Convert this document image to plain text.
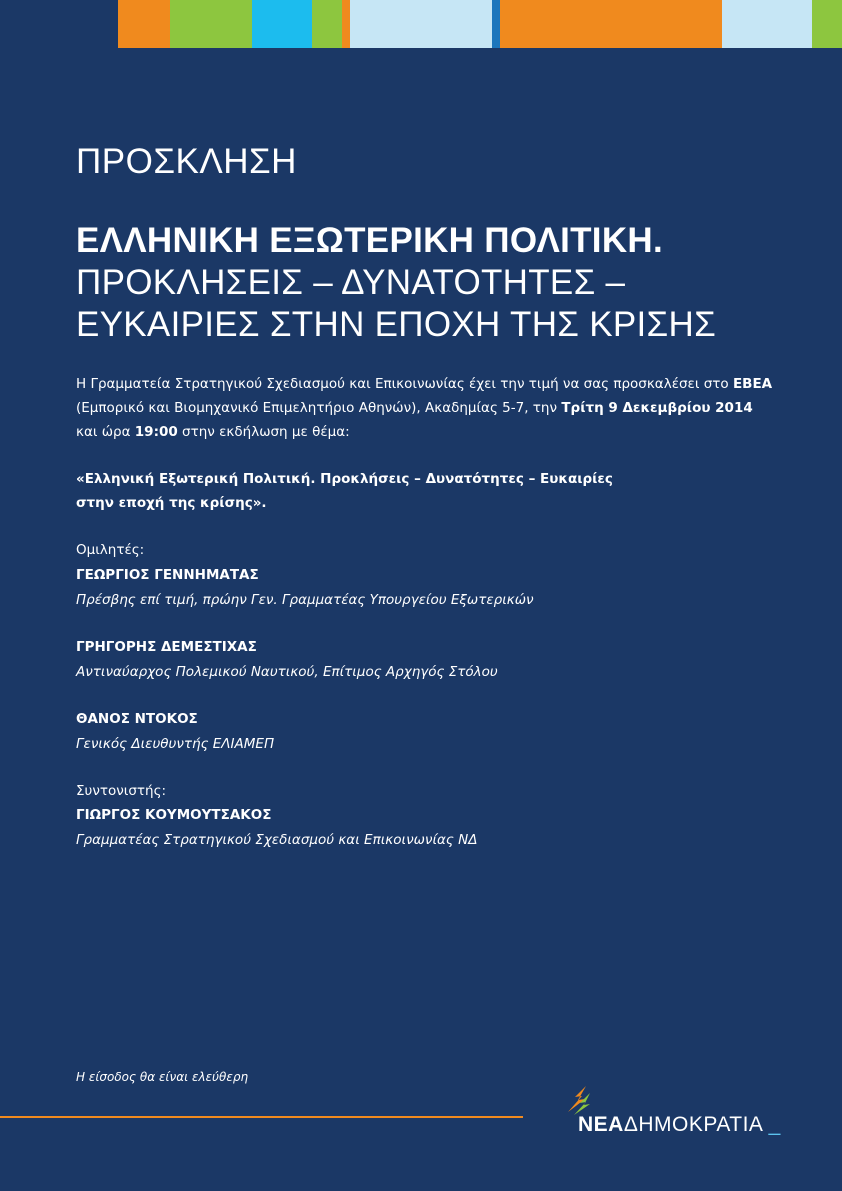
ΠΡΟΣΚΛΗΣΗ
ΕΛΛΗΝΙΚΗ ΕΞΩΤΕΡΙΚΗ ΠΟΛΙΤΙΚΗ.
ΠΡΟΚΛΗΣΕΙΣ – ΔΥΝΑΤΟΤΗΤΕΣ –
ΕΥΚΑΙΡΙΕΣ ΣΤΗΝ ΕΠΟΧΗ ΤΗΣ ΚΡΙΣΗΣ
Η Γραμματεία Στρατηγικού Σχεδιασμού και Επικοινωνίας έχει την τιμή να σας προσκαλέσει στο ΕΒΕΑ (Εμπορικό και Βιομηχανικό Επιμελητήριο Αθηνών), Ακαδημίας 5-7, την Τρίτη 9 Δεκεμβρίου 2014 και ώρα 19:00 στην εκδήλωση με θέμα:
«Ελληνική Εξωτερική Πολιτική. Προκλήσεις – Δυνατότητες – Ευκαιρίες
στην εποχή της κρίσης».
Ομιλητές:
ΓΕΩΡΓΙΟΣ ΓΕΝΝΗΜΑΤΑΣ
Πρέσβης επί τιμή, πρώην Γεν. Γραμματέας Υπουργείου Εξωτερικών
ΓΡΗΓΟΡΗΣ ΔΕΜΕΣΤΙΧΑΣ
Αντιναύαρχος Πολεμικού Ναυτικού, Επίτιμος Αρχηγός Στόλου
ΘΑΝΟΣ ΝΤΟΚΟΣ
Γενικός Διευθυντής ΕΛΙΑΜΕΠ
Συντονιστής:
ΓΙΩΡΓΟΣ ΚΟΥΜΟΥΤΣΑΚΟΣ
Γραμματέας Στρατηγικού Σχεδιασμού και Επικοινωνίας ΝΔ
Η είσοδος θα είναι ελεύθερη
ΝΕΑΔΗΜΟΚΡΑΤΙΑ _
